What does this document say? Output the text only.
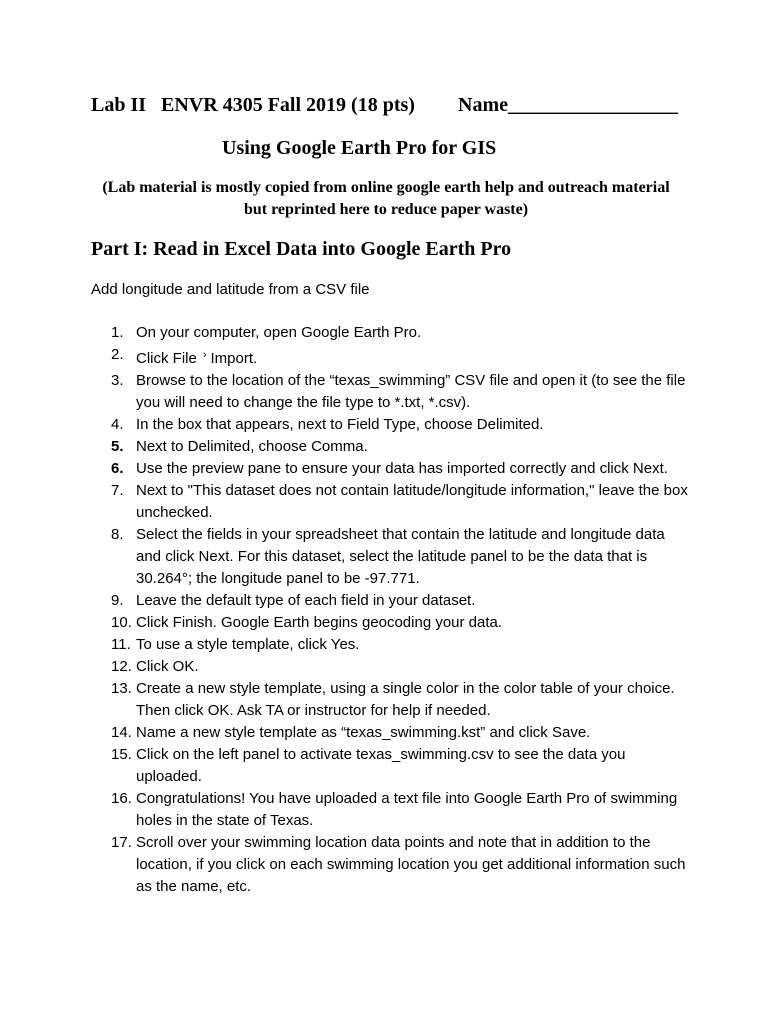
Lab II   ENVR 4305 Fall 2019 (18 pts) Name_________________
Using Google Earth Pro for GIS
(Lab material is mostly copied from online google earth help and outreach material but reprinted here to reduce paper waste)
Part I: Read in Excel Data into Google Earth Pro
Add longitude and latitude from a CSV file
1. On your computer, open Google Earth Pro.
2. Click File › Import.
3. Browse to the location of the “texas_swimming” CSV file and open it (to see the file you will need to change the file type to *.txt, *.csv).
4. In the box that appears, next to Field Type, choose Delimited.
5. Next to Delimited, choose Comma.
6. Use the preview pane to ensure your data has imported correctly and click Next.
7. Next to "This dataset does not contain latitude/longitude information," leave the box unchecked.
8. Select the fields in your spreadsheet that contain the latitude and longitude data and click Next. For this dataset, select the latitude panel to be the data that is 30.264°; the longitude panel to be -97.771.
9. Leave the default type of each field in your dataset.
10. Click Finish. Google Earth begins geocoding your data.
11. To use a style template, click Yes.
12. Click OK.
13. Create a new style template, using a single color in the color table of your choice. Then click OK. Ask TA or instructor for help if needed.
14. Name a new style template as “texas_swimming.kst” and click Save.
15. Click on the left panel to activate texas_swimming.csv to see the data you uploaded.
16. Congratulations! You have uploaded a text file into Google Earth Pro of swimming holes in the state of Texas.
17. Scroll over your swimming location data points and note that in addition to the location, if you click on each swimming location you get additional information such as the name, etc.
